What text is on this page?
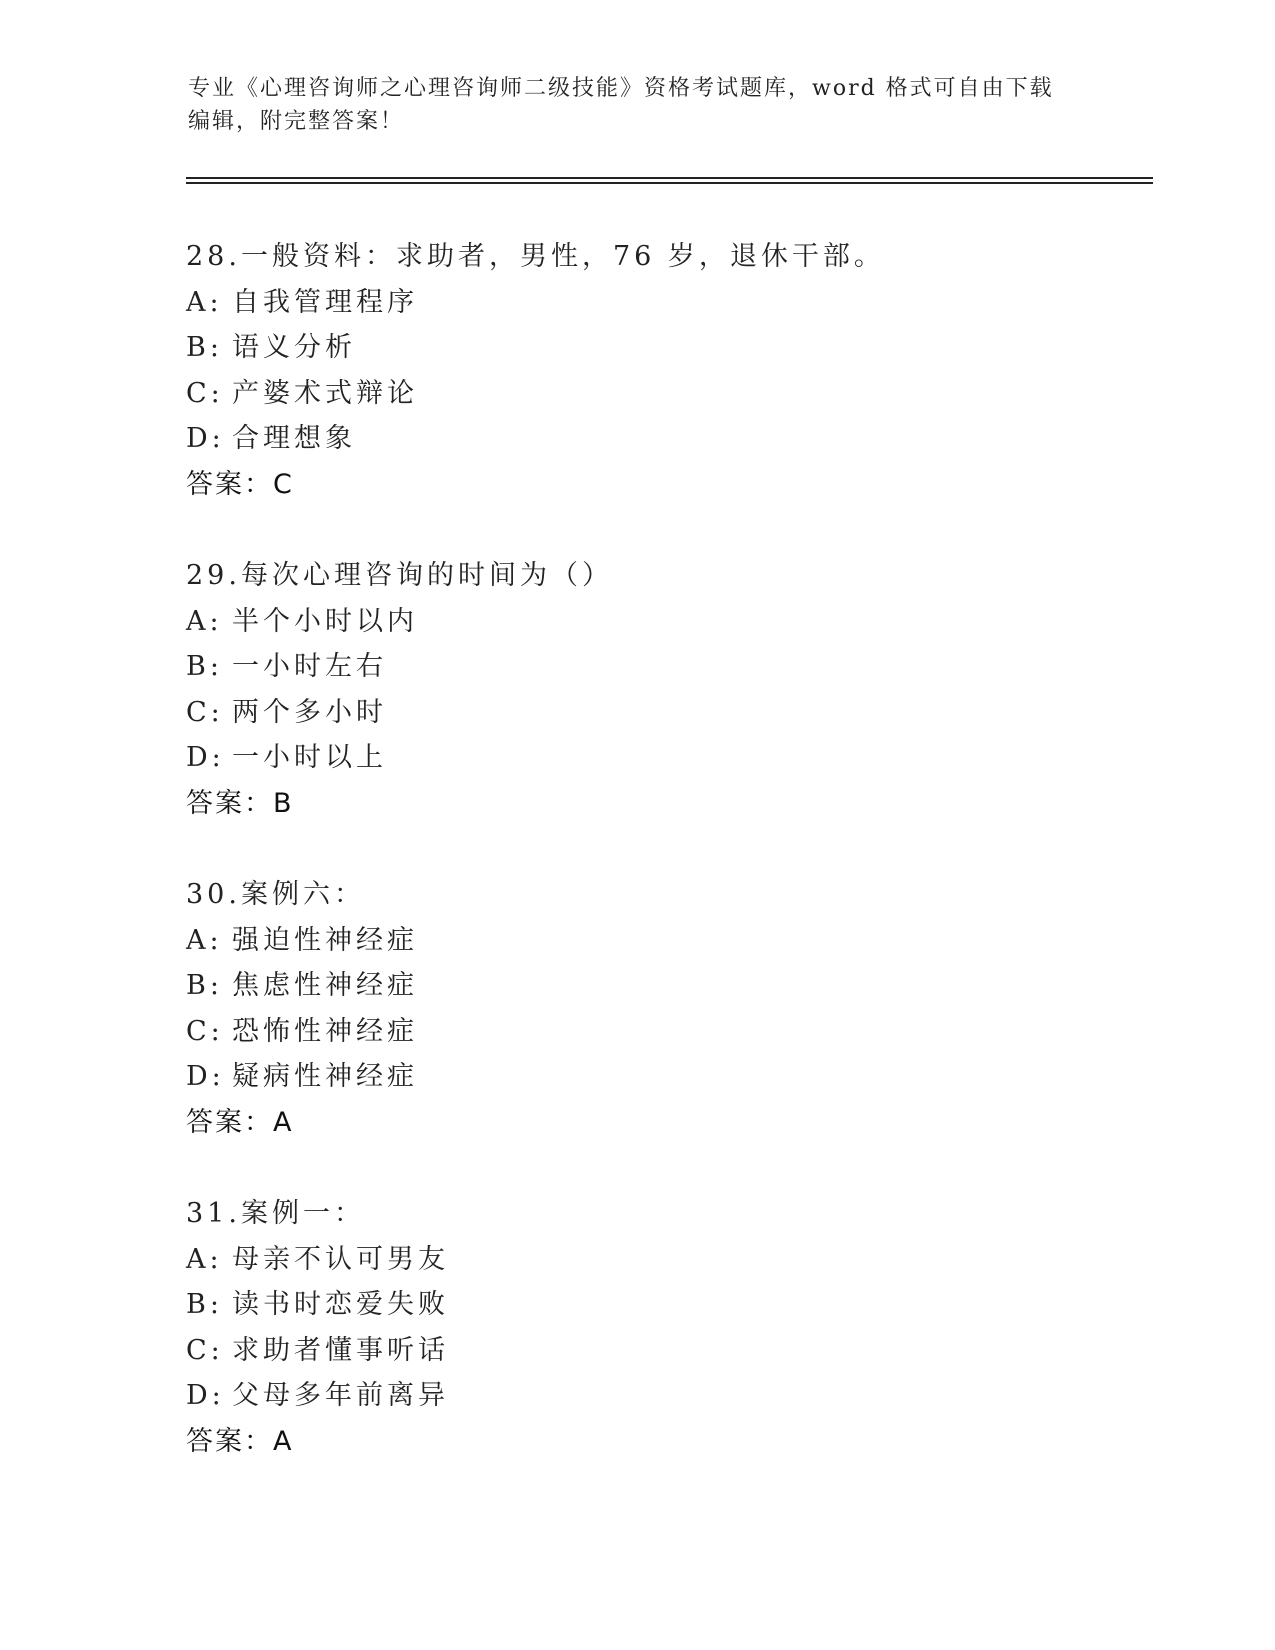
专业《心理咨询师之心理咨询师二级技能》资格考试题库，word 格式可自由下载
编辑，附完整答案！
28.一般资料：求助者，男性，76 岁，退休干部。
A: 自我管理程序
B: 语义分析
C: 产婆术式辩论
D: 合理想象
答案：C
29.每次心理咨询的时间为（）
A: 半个小时以内
B: 一小时左右
C: 两个多小时
D: 一小时以上
答案：B
30.案例六：
A: 强迫性神经症
B: 焦虑性神经症
C: 恐怖性神经症
D: 疑病性神经症
答案：A
31.案例一：
A: 母亲不认可男友
B: 读书时恋爱失败
C: 求助者懂事听话
D: 父母多年前离异
答案：A
